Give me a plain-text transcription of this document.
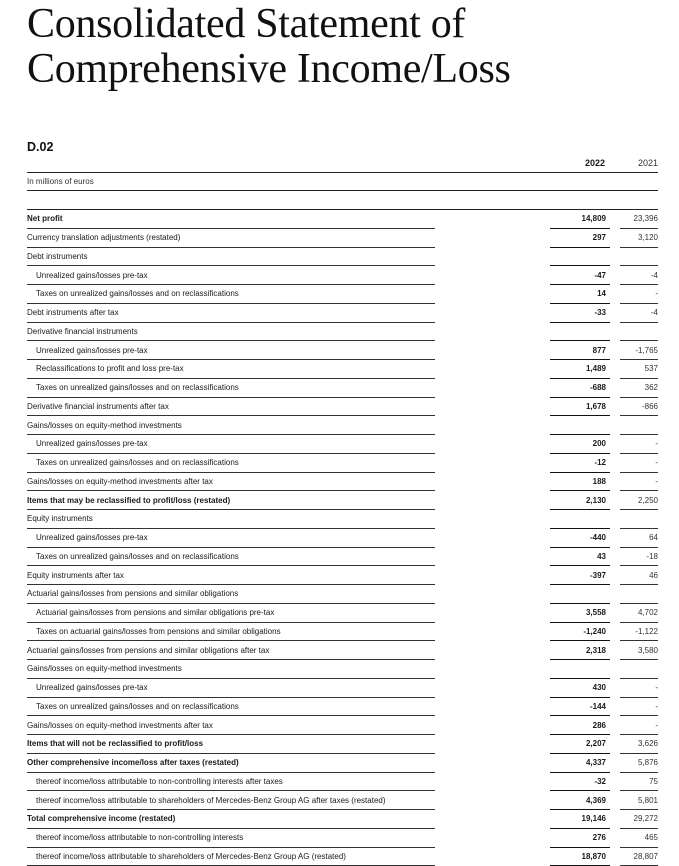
Consolidated Statement of Comprehensive Income/Loss
D.02
2022	2021
In millions of euros
Net profit		14,809		23,396
Currency translation adjustments (restated)		297		3,120
Debt instruments				
Unrealized gains/losses pre-tax		-47		-4
Taxes on unrealized gains/losses and on reclassifications		14		-
Debt instruments after tax		-33		-4
Derivative financial instruments				
Unrealized gains/losses pre-tax		877		-1,765
Reclassifications to profit and loss pre-tax		1,489		537
Taxes on unrealized gains/losses and on reclassifications		-688		362
Derivative financial instruments after tax		1,678		-866
Gains/losses on equity-method investments				
Unrealized gains/losses pre-tax		200		-
Taxes on unrealized gains/losses and on reclassifications		-12		-
Gains/losses on equity-method investments after tax		188		-
Items that may be reclassified to profit/loss (restated)		2,130		2,250
Equity instruments				
Unrealized gains/losses pre-tax		-440		64
Taxes on unrealized gains/losses and on reclassifications		43		-18
Equity instruments after tax		-397		46
Actuarial gains/losses from pensions and similar obligations				
Actuarial gains/losses from pensions and similar obligations pre-tax		3,558		4,702
Taxes on actuarial gains/losses from pensions and similar obligations		-1,240		-1,122
Actuarial gains/losses from pensions and similar obligations after tax		2,318		3,580
Gains/losses on equity-method investments				
Unrealized gains/losses pre-tax		430		-
Taxes on unrealized gains/losses and on reclassifications		-144		-
Gains/losses on equity-method investments after tax		286		-
Items that will not be reclassified to profit/loss		2,207		3,626
Other comprehensive income/loss after taxes (restated)		4,337		5,876
thereof income/loss attributable to non-controlling interests after taxes		-32		75
thereof income/loss attributable to shareholders of Mercedes-Benz Group AG after taxes (restated)		4,369		5,801
Total comprehensive income (restated)		19,146		29,272
thereof income/loss attributable to non-controlling interests		276		465
thereof income/loss attributable to shareholders of Mercedes-Benz Group AG (restated)		18,870		28,807
